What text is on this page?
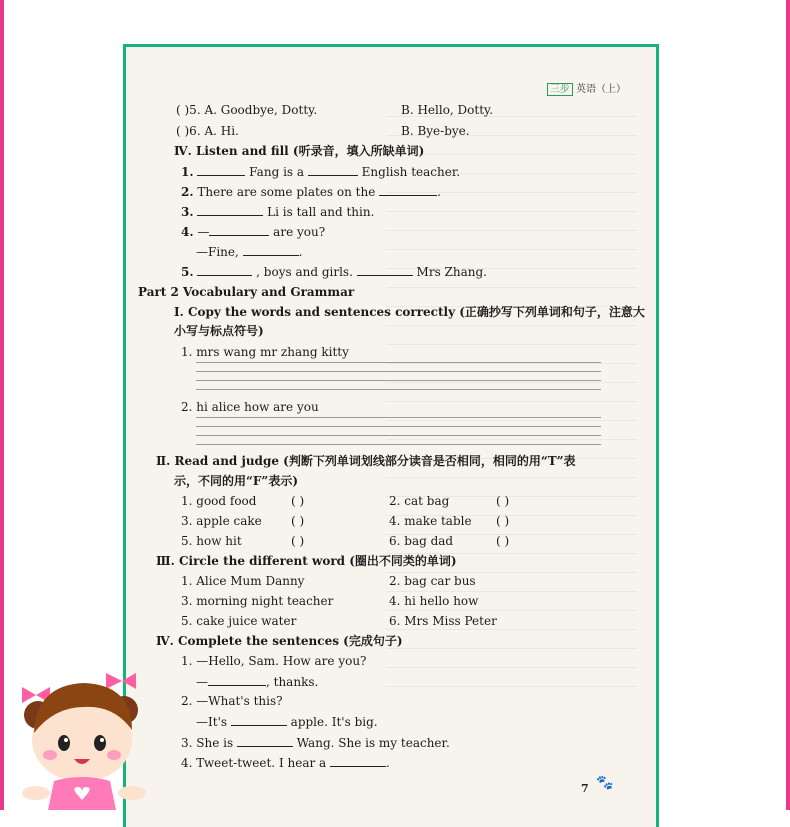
三步 英语（上）
( )5. A. Goodbye, Dotty.	B. Hello, Dotty.
( )6. A. Hi.	B. Bye-bye.
Ⅳ. Listen and fill (听录音，填入所缺单词)
1.	Fang is a	English teacher.
2. There are some plates on the	.
3.	Li is tall and thin.
4. —	are you?
—Fine,	.
5.	, boys and girls.	Mrs Zhang.
Part 2 Vocabulary and Grammar
Ⅰ. Copy the words and sentences correctly (正确抄写下列单词和句子，注意大
小写与标点符号)
1. mrs wang mr zhang kitty
2. hi alice how are you
Ⅱ. Read and judge (判断下列单词划线部分读音是否相同，相同的用“T”表
示，不同的用“F”表示)
1. good food	( )	2. cat bag	( )
3. apple cake ( )	4. make table ( )
5. how hit	( )	6. bag dad	( )
Ⅲ. Circle the different word (圈出不同类的单词)
1. Alice Mum Danny	2. bag car bus
3. morning night teacher	4. hi hello how
5. cake juice water	6. Mrs Miss Peter
Ⅳ. Complete the sentences (完成句子)
1. —Hello, Sam. How are you?
—	, thanks.
2. —What's this?
—It's	apple. It's big.
3. She is	Wang. She is my teacher.
4. Tweet-tweet. I hear a	.
7 🐾
